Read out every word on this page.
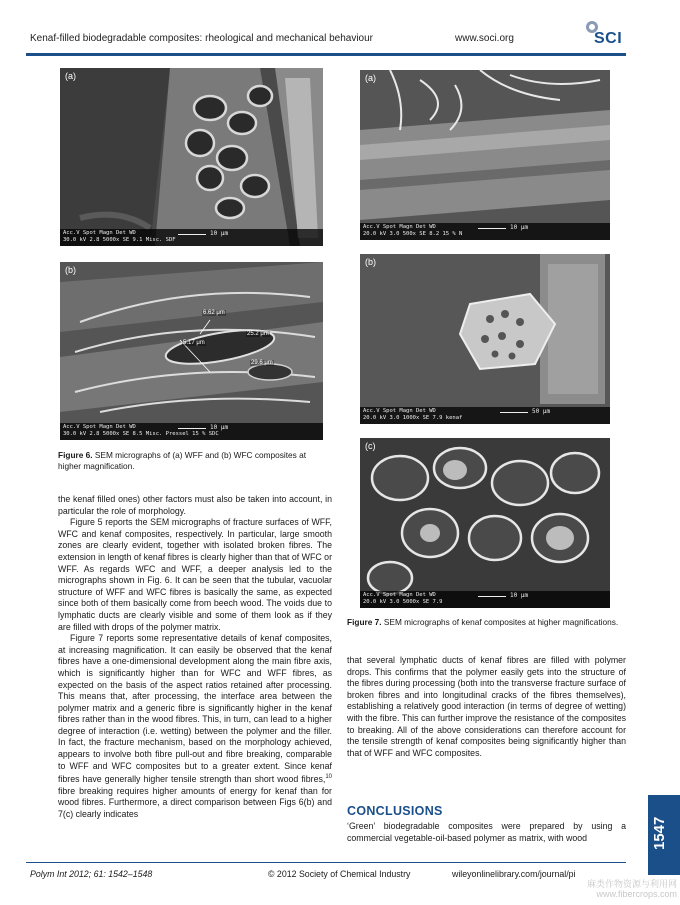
Kenaf-filled biodegradable composites: rheological and mechanical behaviour	www.soci.org	SCI
(a)
Acc.V Spot Magn Det WD
30.0 kV 2.8 5000x SE 9.1 Misc. SDF
10 μm
(b)
6.62 μm
5.17 μm
25.2 μm
29.6 μm
Acc.V Spot Magn Det WD
30.0 kV 2.8 5000x SE 8.5 Misc. Pressel 15 % SDC
10 μm
Figure 6. SEM micrographs of (a) WFF and (b) WFC composites at higher magnification.
(a)
Acc.V Spot Magn Det WD
20.0 kV 3.0 500x SE 8.2 15 % N
10 μm
(b)
Acc.V Spot Magn Det WD
20.0 kV 3.0 1000x SE 7.9 kenaf
50 μm
(c)
Acc.V Spot Magn Det WD
20.0 kV 3.0 5000x SE 7.9
10 μm
Figure 7. SEM micrographs of kenaf composites at higher magnifications.

the kenaf filled ones) other factors must also be taken into account, in particular the role of morphology.

Figure 5 reports the SEM micrographs of fracture surfaces of WFF, WFC and kenaf composites, respectively. In particular, large smooth zones are clearly evident, together with isolated broken fibres. The extension in length of kenaf fibres is clearly higher than that of WFC or WFF. As regards WFC and WFF, a deeper analysis led to the micrographs shown in Fig. 6. It can be seen that the tubular, vacuolar structure of WFF and WFC fibres is basically the same, as expected since both of them basically come from beech wood. The voids due to lymphatic ducts are clearly visible and some of them look as if they are filled with drops of the polymer matrix.

Figure 7 reports some representative details of kenaf composites, at increasing magnification. It can easily be observed that the kenaf fibres have a one-dimensional development along the main fibre axis, which is significantly higher than for WFC and WFF fibres, as expected on the basis of the aspect ratios retained after processing. This means that, after processing, the interface area between the polymer matrix and a generic fibre is significantly higher in the kenaf fibres rather than in the wood fibres. This, in turn, can lead to a higher degree of interaction (i.e. wetting) between the polymer and the filler. In fact, the fracture mechanism, based on the morphology achieved, appears to involve both fibre pull-out and fibre breaking, comparable to WFF and WFC composites but to a greater extent. Since kenaf fibres have generally higher tensile strength than short wood fibres,$^{10}$ fibre breaking requires higher amounts of energy for kenaf than for wood fibres. Furthermore, a direct comparison between Figs 6(b) and 7(c) clearly indicates

that several lymphatic ducts of kenaf fibres are filled with polymer drops. This confirms that the polymer easily gets into the structure of the fibres during processing (both into the transverse fracture surface of broken fibres and into longitudinal cracks of the fibres themselves), establishing a relatively good interaction (in terms of degree of wetting) with the fibre. This can further improve the resistance of the composites to breaking. All of the above considerations can therefore account for the tensile strength of kenaf composites being significantly higher than that of WFF and WFC composites.

CONCLUSIONS

‘Green’ biodegradable composites were prepared by using a commercial vegetable-oil-based polymer as matrix, with wood	1547
Polym Int 2012; 61: 1542–1548	© 2012 Society of Chemical Industry	wileyonlinelibrary.com/journal/pi
麻类作物资源与利用网
www.fibercrops.com
